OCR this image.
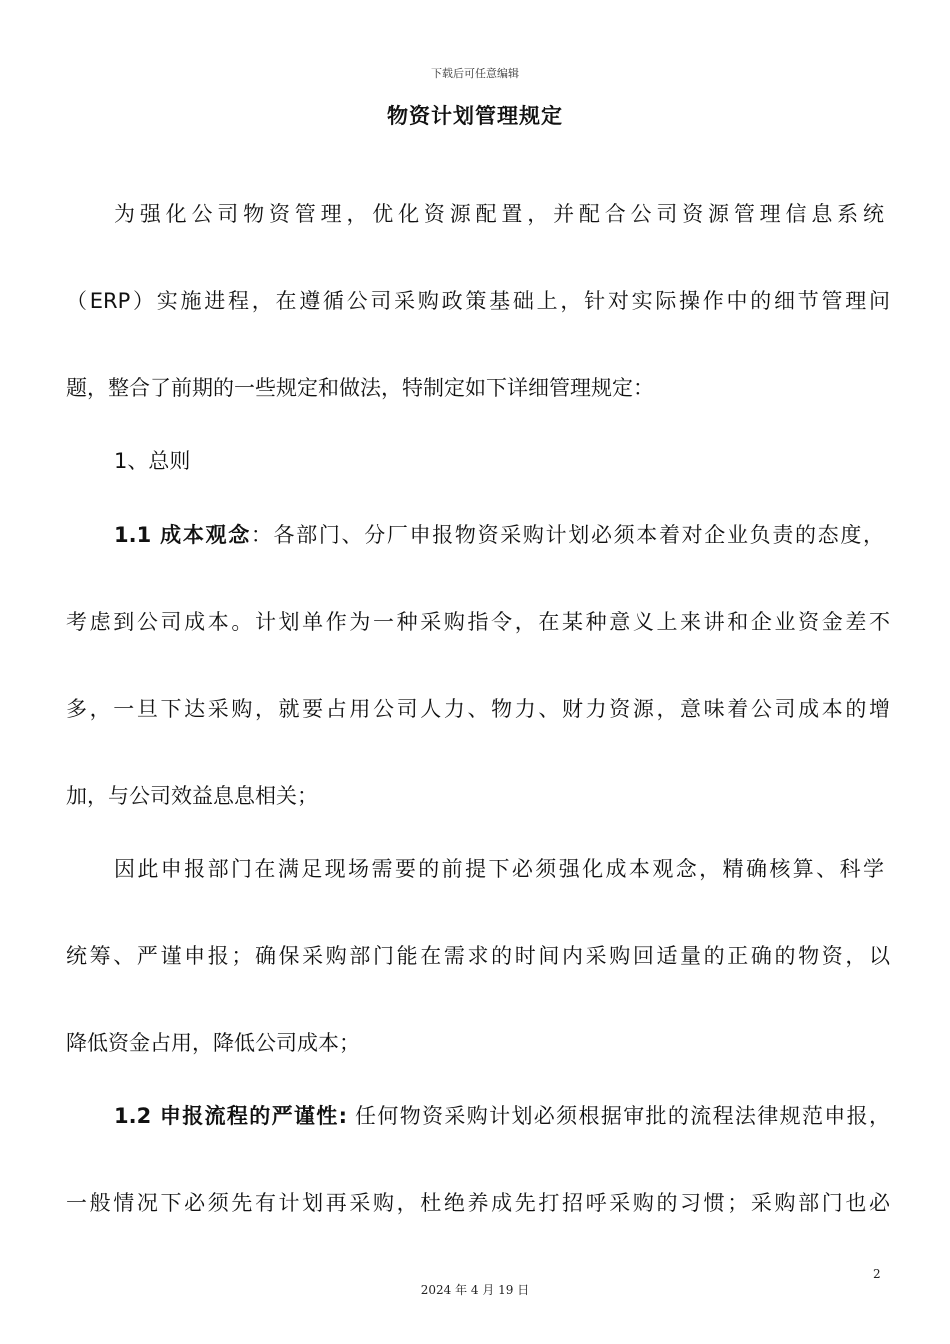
下载后可任意编辑
物资计划管理规定
为强化公司物资管理，优化资源配置，并配合公司资源管理信息系统
（ERP）实施进程，在遵循公司采购政策基础上，针对实际操作中的细节管理问
题，整合了前期的一些规定和做法，特制定如下详细管理规定：
1、总则
1.1 成本观念：各部门、分厂申报物资采购计划必须本着对企业负责的态度，
考虑到公司成本。计划单作为一种采购指令，在某种意义上来讲和企业资金差不
多，一旦下达采购，就要占用公司人力、物力、财力资源，意味着公司成本的增
加，与公司效益息息相关；
因此申报部门在满足现场需要的前提下必须强化成本观念，精确核算、科学
统筹、严谨申报；确保采购部门能在需求的时间内采购回适量的正确的物资，以
降低资金占用，降低公司成本；
1.2 申报流程的严谨性: 任何物资采购计划必须根据审批的流程法律规范申报，
一般情况下必须先有计划再采购，杜绝养成先打招呼采购的习惯；采购部门也必
2
2024 年 4 月 19 日
